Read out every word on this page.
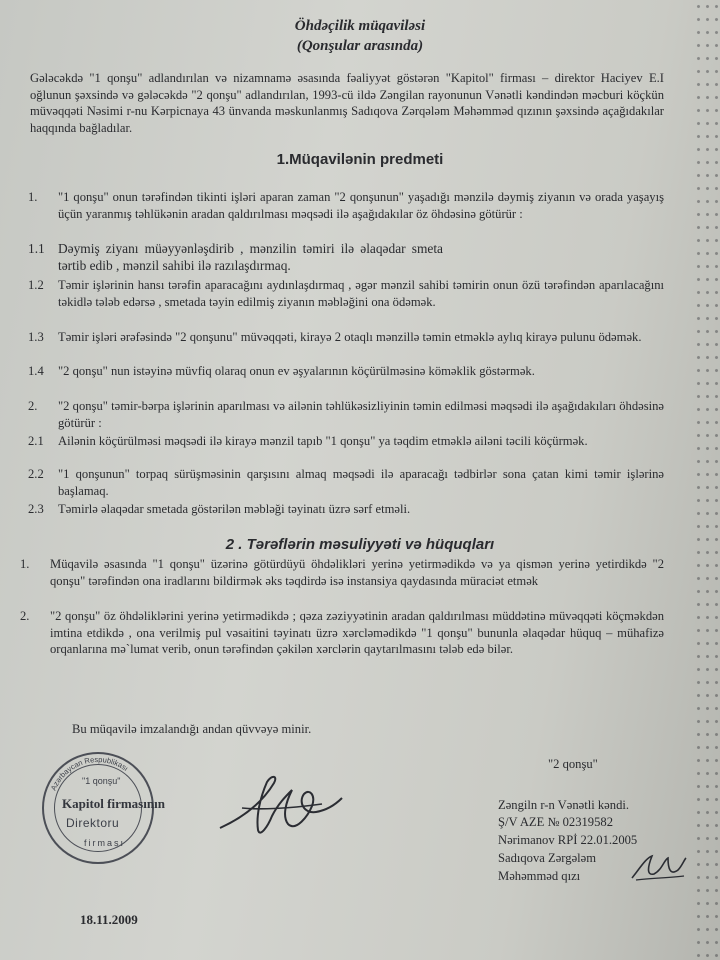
Öhdəçilik müqaviləsi
(Qonşular arasında)
Gələcəkdə "1 qonşu" adlandırılan və nizamnamə əsasında fəaliyyət göstərən "Kapitol" firması – direktor Haciyev E.I oğlunun şəxsində və gələcəkdə "2 qonşu" adlandırılan, 1993-cü ildə Zəngilan rayonunun Vənətli kəndindən məcburi köçkün müvəqqəti Nəsimi r-nu Kərpicnaya 43 ünvanda məskunlanmış Sadıqova Zərqələm Məhəmməd qızının şəxsində açağıdakılar haqqında bağladılar.
1.Müqavilənin predmeti
1. "1 qonşu" onun tərəfindən tikinti işləri aparan zaman "2 qonşunun" yaşadığı mənzilə dəymiş ziyanın və orada yaşayış üçün yaranmış təhlükənin aradan qaldırılması məqsədi ilə aşağıdakılar öz öhdəsinə götürür :
1.1 Dəymiş ziyanı müəyyənləşdirib , mənzilin təmiri ilə əlaqədar smeta tərtib edib , mənzil sahibi ilə razılaşdırmaq.
1.2 Təmir işlərinin hansı tərəfin aparacağını aydınlaşdırmaq , əgər mənzil sahibi təmirin onun özü tərəfindən aparılacağını təkidlə tələb edərsə , smetada təyin edilmiş ziyanın məbləğini ona ödəmək.
1.3 Təmir işləri ərəfəsində "2 qonşunu" müvəqqəti, kirayə 2 otaqlı mənzillə təmin etməklə aylıq kirayə pulunu ödəmək.
1.4 "2 qonşu" nun istəyinə müvfiq olaraq onun ev əşyalarının köçürülməsinə köməklik göstərmək.
2. "2 qonşu" təmir-bərpa işlərinin aparılması və ailənin təhlükəsizliyinin təmin edilməsi məqsədi ilə aşağıdakıları öhdəsinə götürür :
2.1 Ailənin köçürülməsi məqsədi ilə kirayə mənzil tapıb "1 qonşu" ya təqdim etməklə ailəni təcili köçürmək.
2.2 "1 qonşunun" torpaq sürüşməsinin qarşısını almaq məqsədi ilə aparacağı tədbirlər sona çatan kimi təmir işlərinə başlamaq.
2.3 Təmirlə əlaqədar smetada göstərilən məbləği təyinatı üzrə sərf etməli.
2 . Tərəflərin məsuliyyəti və hüquqları
1. Müqavilə əsasında "1 qonşu" üzərinə götürdüyü öhdəlikləri yerinə yetirmədikdə və ya qismən yerinə yetirdikdə "2 qonşu" tərəfindən ona iradlarını bildirmək əks təqdirdə isə instansiya qaydasında müraciət etmək
2. "2 qonşu" öz öhdəliklərini yerinə yetirmədikdə ; qəza zəziyyətinin aradan qaldırılması müddətinə müvəqqəti köçməkdən imtina etdikdə , ona verilmiş pul vəsaitini təyinatı üzrə xərcləmədikdə "1 qonşu" bununla əlaqədar hüquq – mühafizə orqanlarına mə`lumat verib, onun tərəfindən çəkilən xərclərin qaytarılmasını tələb edə bilər.
Bu müqavilə imzalandığı andan qüvvəyə minir.
Azərbaycan Respublikası
"1 qonşu"
Kapitol firmasının
Direktoru
firması
"2 qonşu"
Zəngiln r-n Vənətli kəndi.
Ş/V AZE № 02319582
Nərimanov RPİ 22.01.2005
Sadıqova Zərgələm
Məhəmməd qızı
18.11.2009
